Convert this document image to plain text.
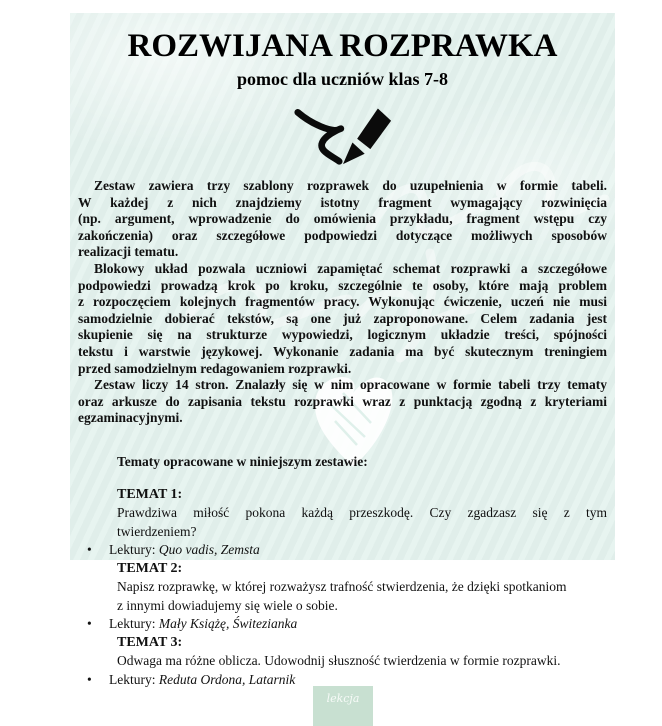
ROZWIJANA ROZPRAWKA
pomoc dla uczniów klas 7-8
Zestaw zawiera trzy szablony rozprawek do uzupełnienia w formie tabeli.
W każdej z nich znajdziemy istotny fragment wymagający rozwinięcia
(np. argument, wprowadzenie do omówienia przykładu, fragment wstępu czy
zakończenia) oraz szczegółowe podpowiedzi dotyczące możliwych sposobów
realizacji tematu.
Blokowy układ pozwala uczniowi zapamiętać schemat rozprawki a szczegółowe
podpowiedzi prowadzą krok po kroku, szczególnie te osoby, które mają problem
z rozpoczęciem kolejnych fragmentów pracy. Wykonując ćwiczenie, uczeń nie musi
samodzielnie dobierać tekstów, są one już zaproponowane. Celem zadania jest
skupienie się na strukturze wypowiedzi, logicznym układzie treści, spójności
tekstu i warstwie językowej. Wykonanie zadania ma być skutecznym treningiem
przed samodzielnym redagowaniem rozprawki.
Zestaw liczy 14 stron. Znalazły się w nim opracowane w formie tabeli trzy tematy
oraz arkusze do zapisania tekstu rozprawki wraz z punktacją zgodną z kryteriami
egzaminacyjnymi.
Tematy opracowane w niniejszym zestawie:
TEMAT 1:
Prawdziwa miłość pokona każdą przeszkodę. Czy zgadzasz się z tym
twierdzeniem?
•	Lektury: Quo vadis, Zemsta
TEMAT 2:
Napisz rozprawkę, w której rozważysz trafność stwierdzenia, że dzięki spotkaniom
z innymi dowiadujemy się wiele o sobie.
•	Lektury: Mały Książę, Świtezianka
TEMAT 3:
Odwaga ma różne oblicza. Udowodnij słuszność twierdzenia w formie rozprawki.
•	Lektury: Reduta Ordona, Latarnik
lekcja
